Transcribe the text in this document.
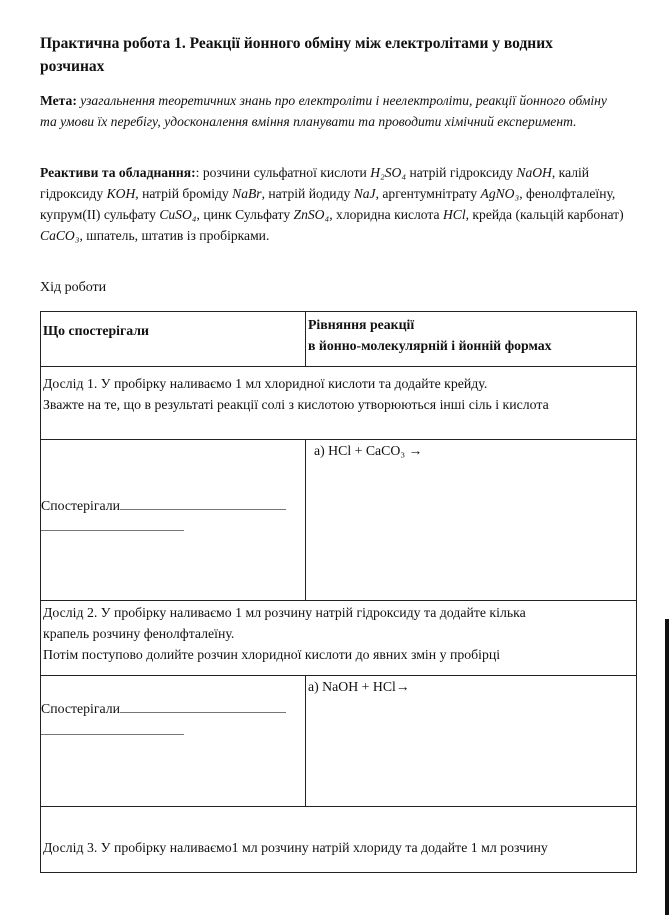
Практична робота 1. Реакції йонного обміну між електролітами у водних розчинах
Мета: узагальнення теоретичних знань про електроліти і неелектроліти, реакції йонного обміну та умови їх перебігу, удосконалення вміння планувати та проводити хімічний експеримент.
Реактиви та обладнання:: розчини сульфатної кислоти H₂SO₄ натрій гідроксиду NaOH, калій гідроксиду KOH, натрій броміду NaBr, натрій йодиду NaJ, аргентумнітрату AgNO₃, фенолфталеїну, купрум(II) сульфату CuSO₄, цинк Сульфату ZnSO₄, хлоридна кислота HCl, крейда (кальцій карбонат) CaCO₃, шпатель, штатив із пробірками.
Хід роботи
Що спостерігали	Рівняння реакції
в йонно-молекулярній і йонній формах

Дослід 1. У пробірку наливаємо 1 мл хлоридної кислоти та додайте крейду.
Зважте на те, що в результаті реакції солі з кислотою утворюються інші сіль і кислота	

Спостерігали	а) HCl + CaCO₃ →

Дослід 2. У пробірку наливаємо 1 мл розчину натрій гідроксиду та додайте кілька
крапель розчину фенолфталеїну.
Потім поступово долийте розчин хлоридної кислоти до явних змін у пробірці	

Спостерігали	а) NaOH + HCl→

Дослід 3. У пробірку наливаємо1 мл розчину натрій хлориду та додайте 1 мл розчину	
